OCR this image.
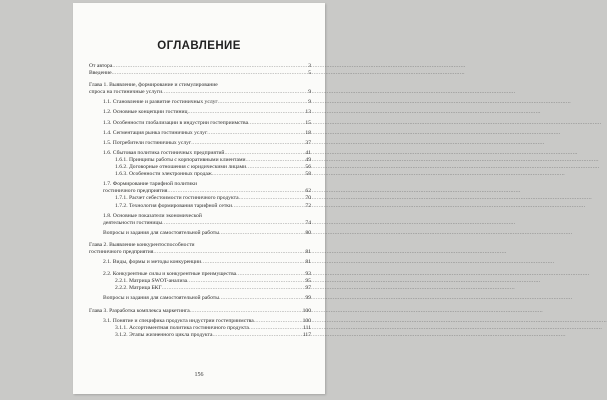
ОГЛАВЛЕНИЕ
От автора .....	3
Введение .....	5
Глава 1. Выявление, формирование и стимулирование
спроса на гостиничные услуги .....	9
1.1. Становление и развитие гостиничных услуг .....	9
1.2. Основные концепции гостиниц .....	13
1.3. Особенности глобализации в индустрии гостеприимства .....	15
1.4. Сегментация рынка гостиничных услуг .....	18
1.5. Потребители гостиничных услуг .....	37
1.6. Сбытовая политика гостиничных предприятий .....	41
1.6.1. Принципы работы с корпоративными клиентами .....	49
1.6.2. Договорные отношения с юридическими лицами .....	56
1.6.3. Особенности электронных продаж .....	58
1.7. Формирование тарифной политики
гостиничного предприятия .....	62
1.7.1. Расчет себестоимости гостиничного продукта .....	70
1.7.2. Технология формирования тарифной сетки .....	72
1.8. Основные показатели экономической
деятельности гостиницы .....	74
Вопросы и задания для самостоятельной работы .....	80
Глава 2. Выявление конкурентоспособности
гостиничного предприятия .....	81
2.1. Виды, формы и методы конкуренции .....	81
2.2. Конкурентные силы и конкурентные преимущества .....	93
2.2.1. Матрица SWOT-анализа .....	95
2.2.2. Матрица БКГ .....	97
Вопросы и задания для самостоятельной работы .....	99
Глава 3. Разработка комплекса маркетинга .....	100
3.1. Понятие и специфика продукта индустрии гостеприимства .....	100
3.1.1. Ассортиментная политика гостиничного продукта .....	111
3.1.2. Этапы жизненного цикла продукта .....	117
156
